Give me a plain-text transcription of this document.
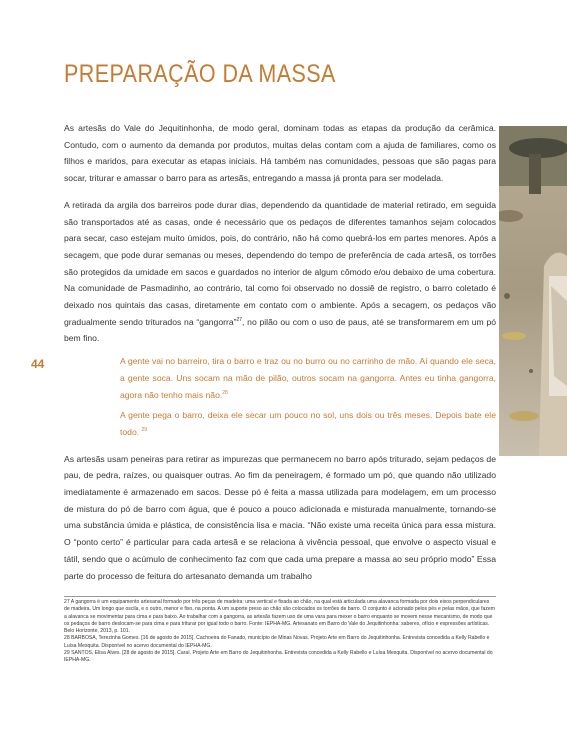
PREPARAÇÃO DA MASSA
44

As artesãs do Vale do Jequitinhonha, de modo geral, dominam todas as etapas da produção da cerâmica. Contudo, com o aumento da demanda por produtos, muitas delas contam com a ajuda de familiares, como os filhos e maridos, para executar as etapas iniciais. Há também nas comunidades, pessoas que são pagas para socar, triturar e amassar o barro para as artesãs, entregando a massa já pronta para ser modelada.

A retirada da argila dos barreiros pode durar dias, dependendo da quantidade de material retirado, em seguida são transportados até as casas, onde é necessário que os pedaços de diferentes tamanhos sejam colocados para secar, caso estejam muito úmidos, pois, do contrário, não há como quebrá-los em partes menores. Após a secagem, que pode durar semanas ou meses, dependendo do tempo de preferência de cada artesã, os torrões são protegidos da umidade em sacos e guardados no interior de algum cômodo e/ou debaixo de uma cobertura. Na comunidade de Pasmadinho, ao contrário, tal como foi observado no dossiê de registro, o barro coletado é deixado nos quintais das casas, diretamente em contato com o ambiente. Após a secagem, os pedaços vão gradualmente sendo triturados na “gangorra”$^{27}$, no pilão ou com o uso de paus, até se transformarem em um pó bem fino.

A gente vai no barreiro, tira o barro e traz ou no burro ou no carrinho de mão. Aí quando ele seca, a gente soca. Uns socam na mão de pilão, outros socam na gangorra. Antes eu tinha gangorra, agora não tenho mais não.$^{28}$

A gente pega o barro, deixa ele secar um pouco no sol, uns dois ou três meses. Depois bate ele todo. $^{29}$

As artesãs usam peneiras para retirar as impurezas que permanecem no barro após triturado, sejam pedaços de pau, de pedra, raízes, ou quaisquer outras. Ao fim da peneiragem, é formado um pó, que quando não utilizado imediatamente é armazenado em sacos. Desse pó é feita a massa utilizada para modelagem, em um processo de mistura do pó de barro com água, que é pouco a pouco adicionada e misturada manualmente, tornando-se uma substância úmida e plástica, de consistência lisa e macia. “Não existe uma receita única para essa mistura. O “ponto certo” é particular para cada artesã e se relaciona à vivência pessoal, que envolve o aspecto visual e tátil, sendo que o acúmulo de conhecimento faz com que cada uma prepare a massa ao seu próprio modo” Essa parte do processo de feitura do artesanato demanda um trabalho

27 A gangorra é um equipamento artesanal formado por três peças de madeira: uma vertical e fixada ao chão, na qual está articulada uma alavanca formada por dois eixos perpendiculares de madeira. Um longo que oscila, e o outro, menor e fixo, na ponta. A um suporte preso ao chão são colocados os torrões de barro. O conjunto é acionado pelos pés e pelas mãos, que fazem a alavanca se movimentar para cima e para baixo. Ao trabalhar com a gangorra, as artesãs fazem uso de uma vara para mexer o barro enquanto se movem nesse mecanismo, de modo que os pedaços de barro deslocam-se para cima e para triturar por igual todo o barro. Fonte: IEPHA-MG. Artesanato em Barro do Vale do Jequitinhonha: saberes, ofício e expressões artísticas. Belo Horizonte, 2013, p. 101.

28 BARBOSA, Terezinha Gomes. [16 de agosto de 2015]. Cachoeira do Fanado, município de Minas Novas. Projeto Arte em Barro do Jequitinhonha. Entrevista concedida a Kelly Rabello e Luísa Mesquita. Disponível no acervo documental do IEPHA-MG.

29 SANTOS, Elisa Alves. [28 de agosto de 2015]. Caraí. Projeto Arte em Barro do Jequitinhonha. Entrevista concedida a Kelly Rabello e Luísa Mesquita. Disponível no acervo documental do IEPHA-MG.
